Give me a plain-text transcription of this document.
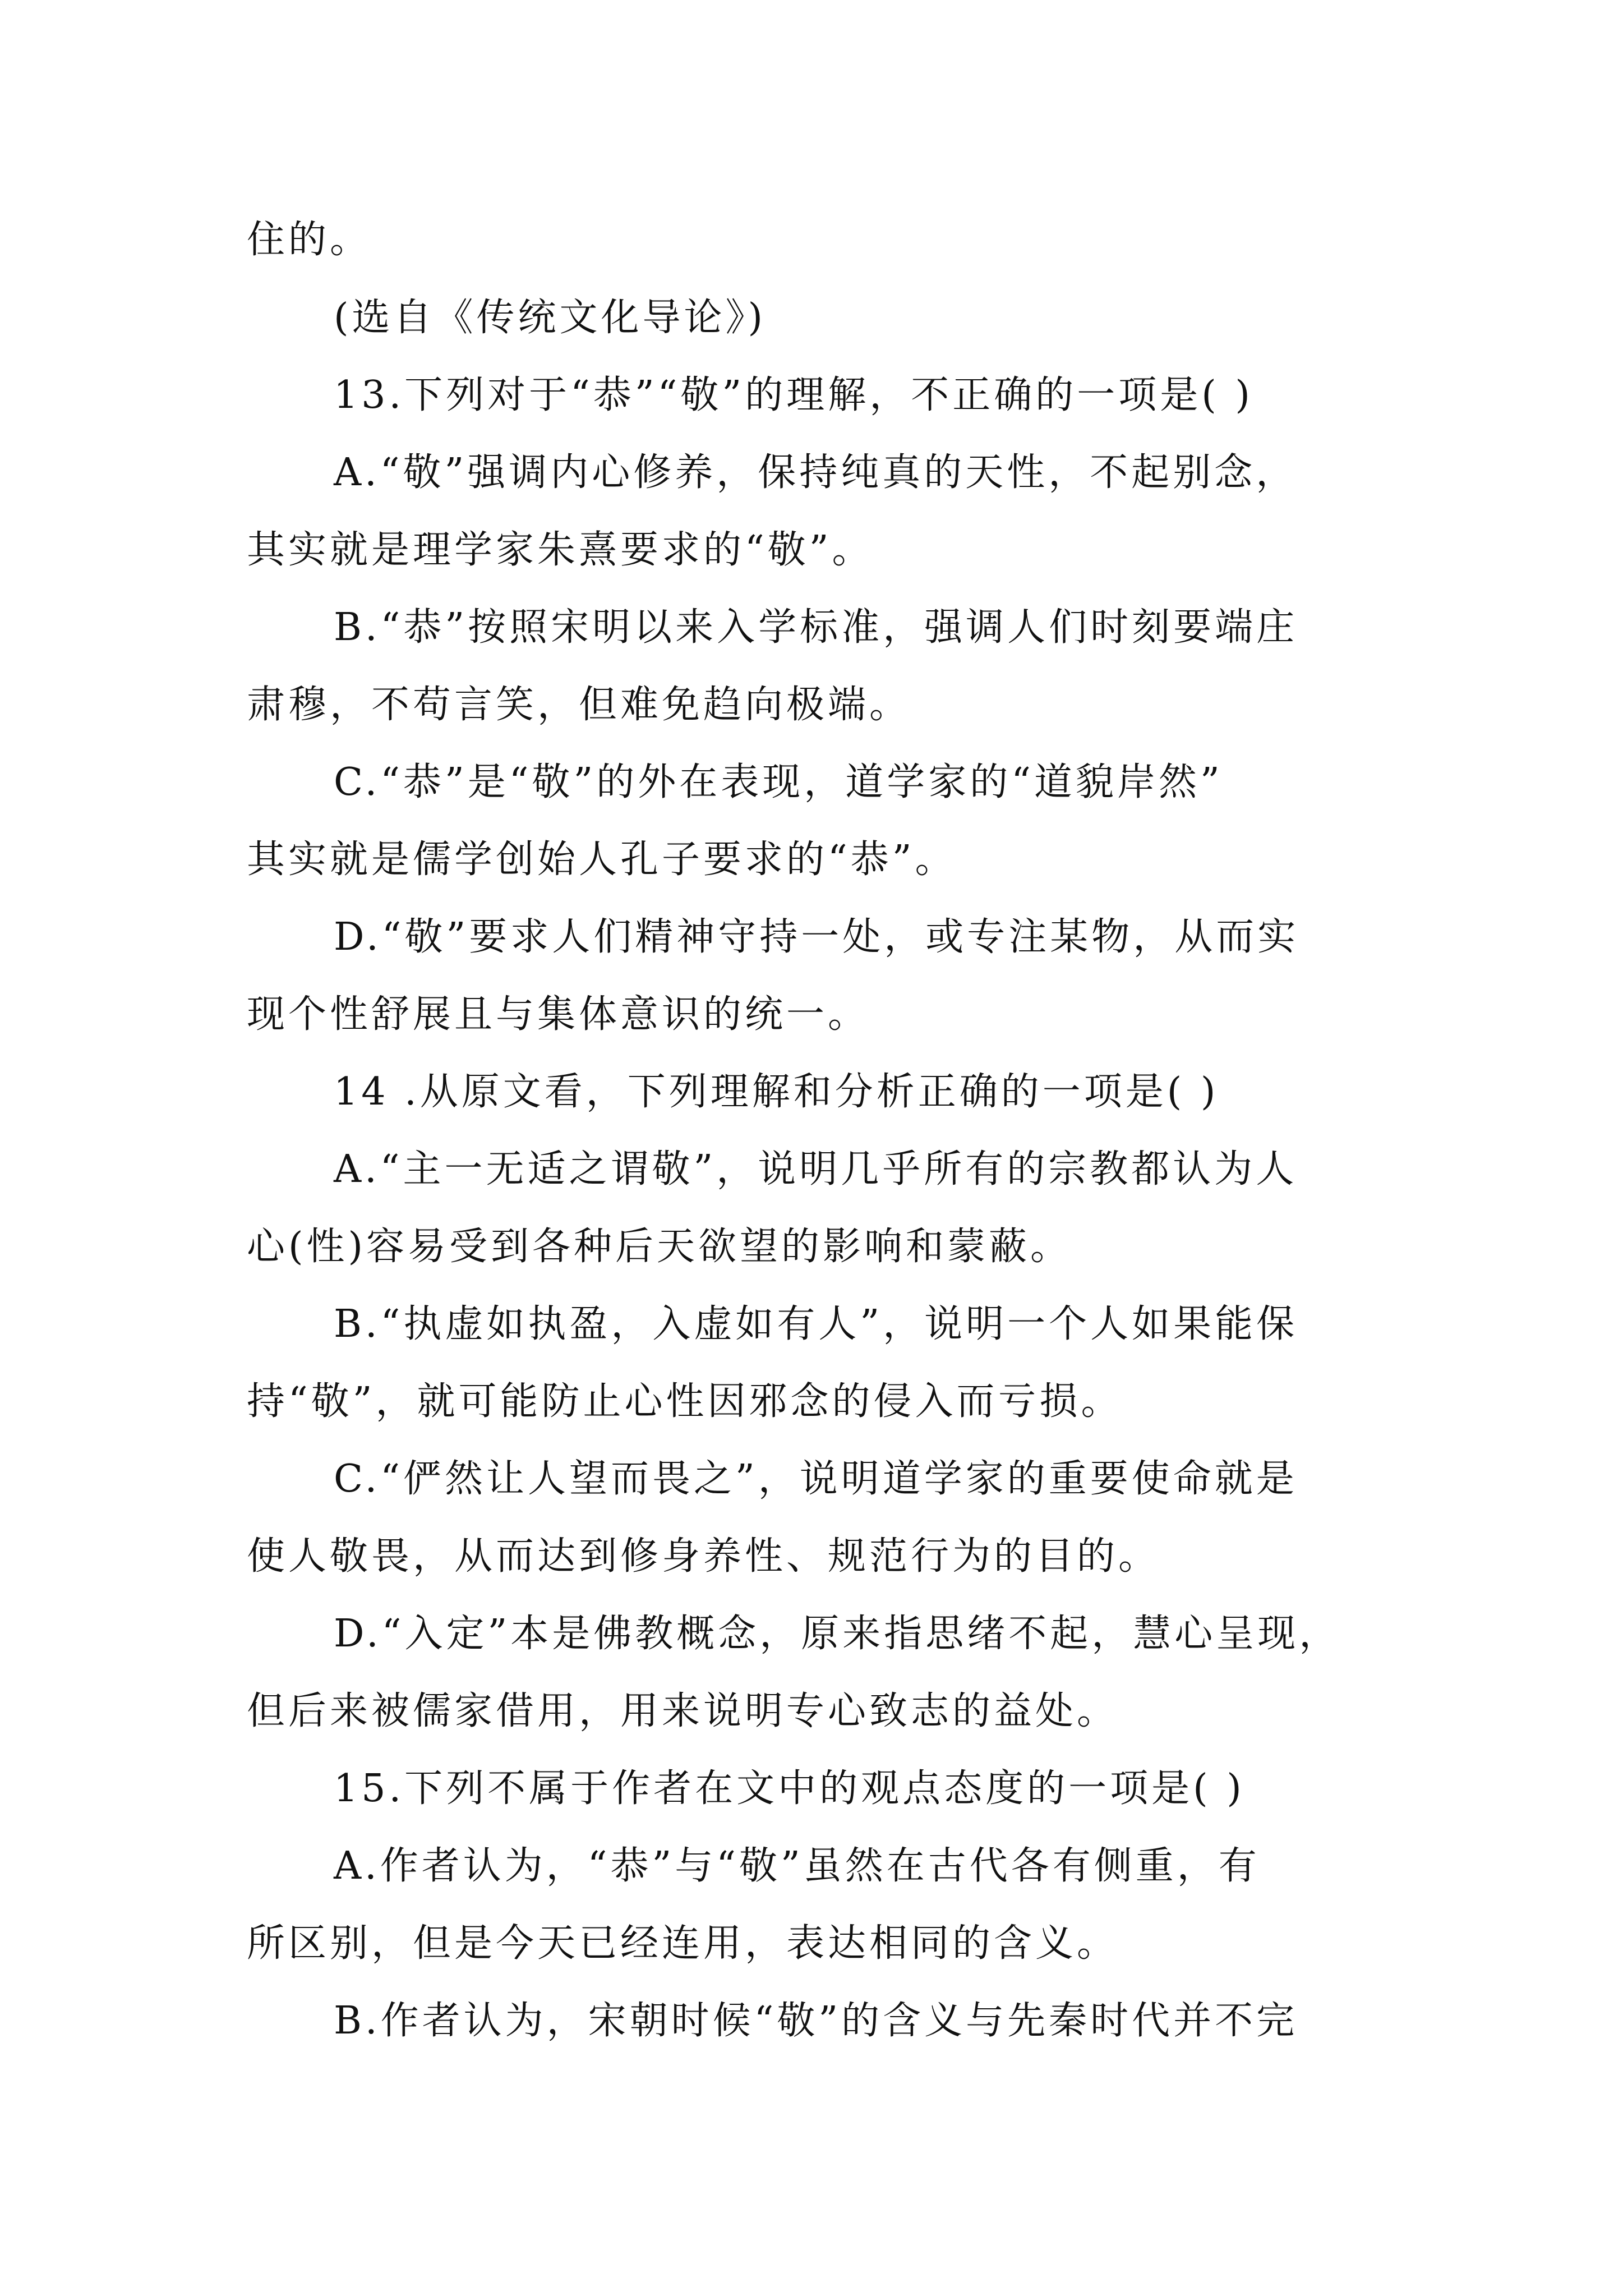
住的。
(选自《传统文化导论》)
13.下列对于“恭”“敬”的理解，不正确的一项是( )
A.“敬”强调内心修养，保持纯真的天性，不起别念，
其实就是理学家朱熹要求的“敬”。
B.“恭”按照宋明以来入学标准，强调人们时刻要端庄
肃穆，不苟言笑，但难免趋向极端。
C.“恭”是“敬”的外在表现，道学家的“道貌岸然”
其实就是儒学创始人孔子要求的“恭”。
D.“敬”要求人们精神守持一处，或专注某物，从而实
现个性舒展且与集体意识的统一。
14 .从原文看，下列理解和分析正确的一项是( )
A.“主一无适之谓敬”，说明几乎所有的宗教都认为人
心(性)容易受到各种后天欲望的影响和蒙蔽。
B.“执虚如执盈，入虚如有人”，说明一个人如果能保
持“敬”，就可能防止心性因邪念的侵入而亏损。
C.“俨然让人望而畏之”，说明道学家的重要使命就是
使人敬畏，从而达到修身养性、规范行为的目的。
D.“入定”本是佛教概念，原来指思绪不起，慧心呈现，
但后来被儒家借用，用来说明专心致志的益处。
15.下列不属于作者在文中的观点态度的一项是( )
A.作者认为，“恭”与“敬”虽然在古代各有侧重，有
所区别，但是今天已经连用，表达相同的含义。
B.作者认为，宋朝时候“敬”的含义与先秦时代并不完
